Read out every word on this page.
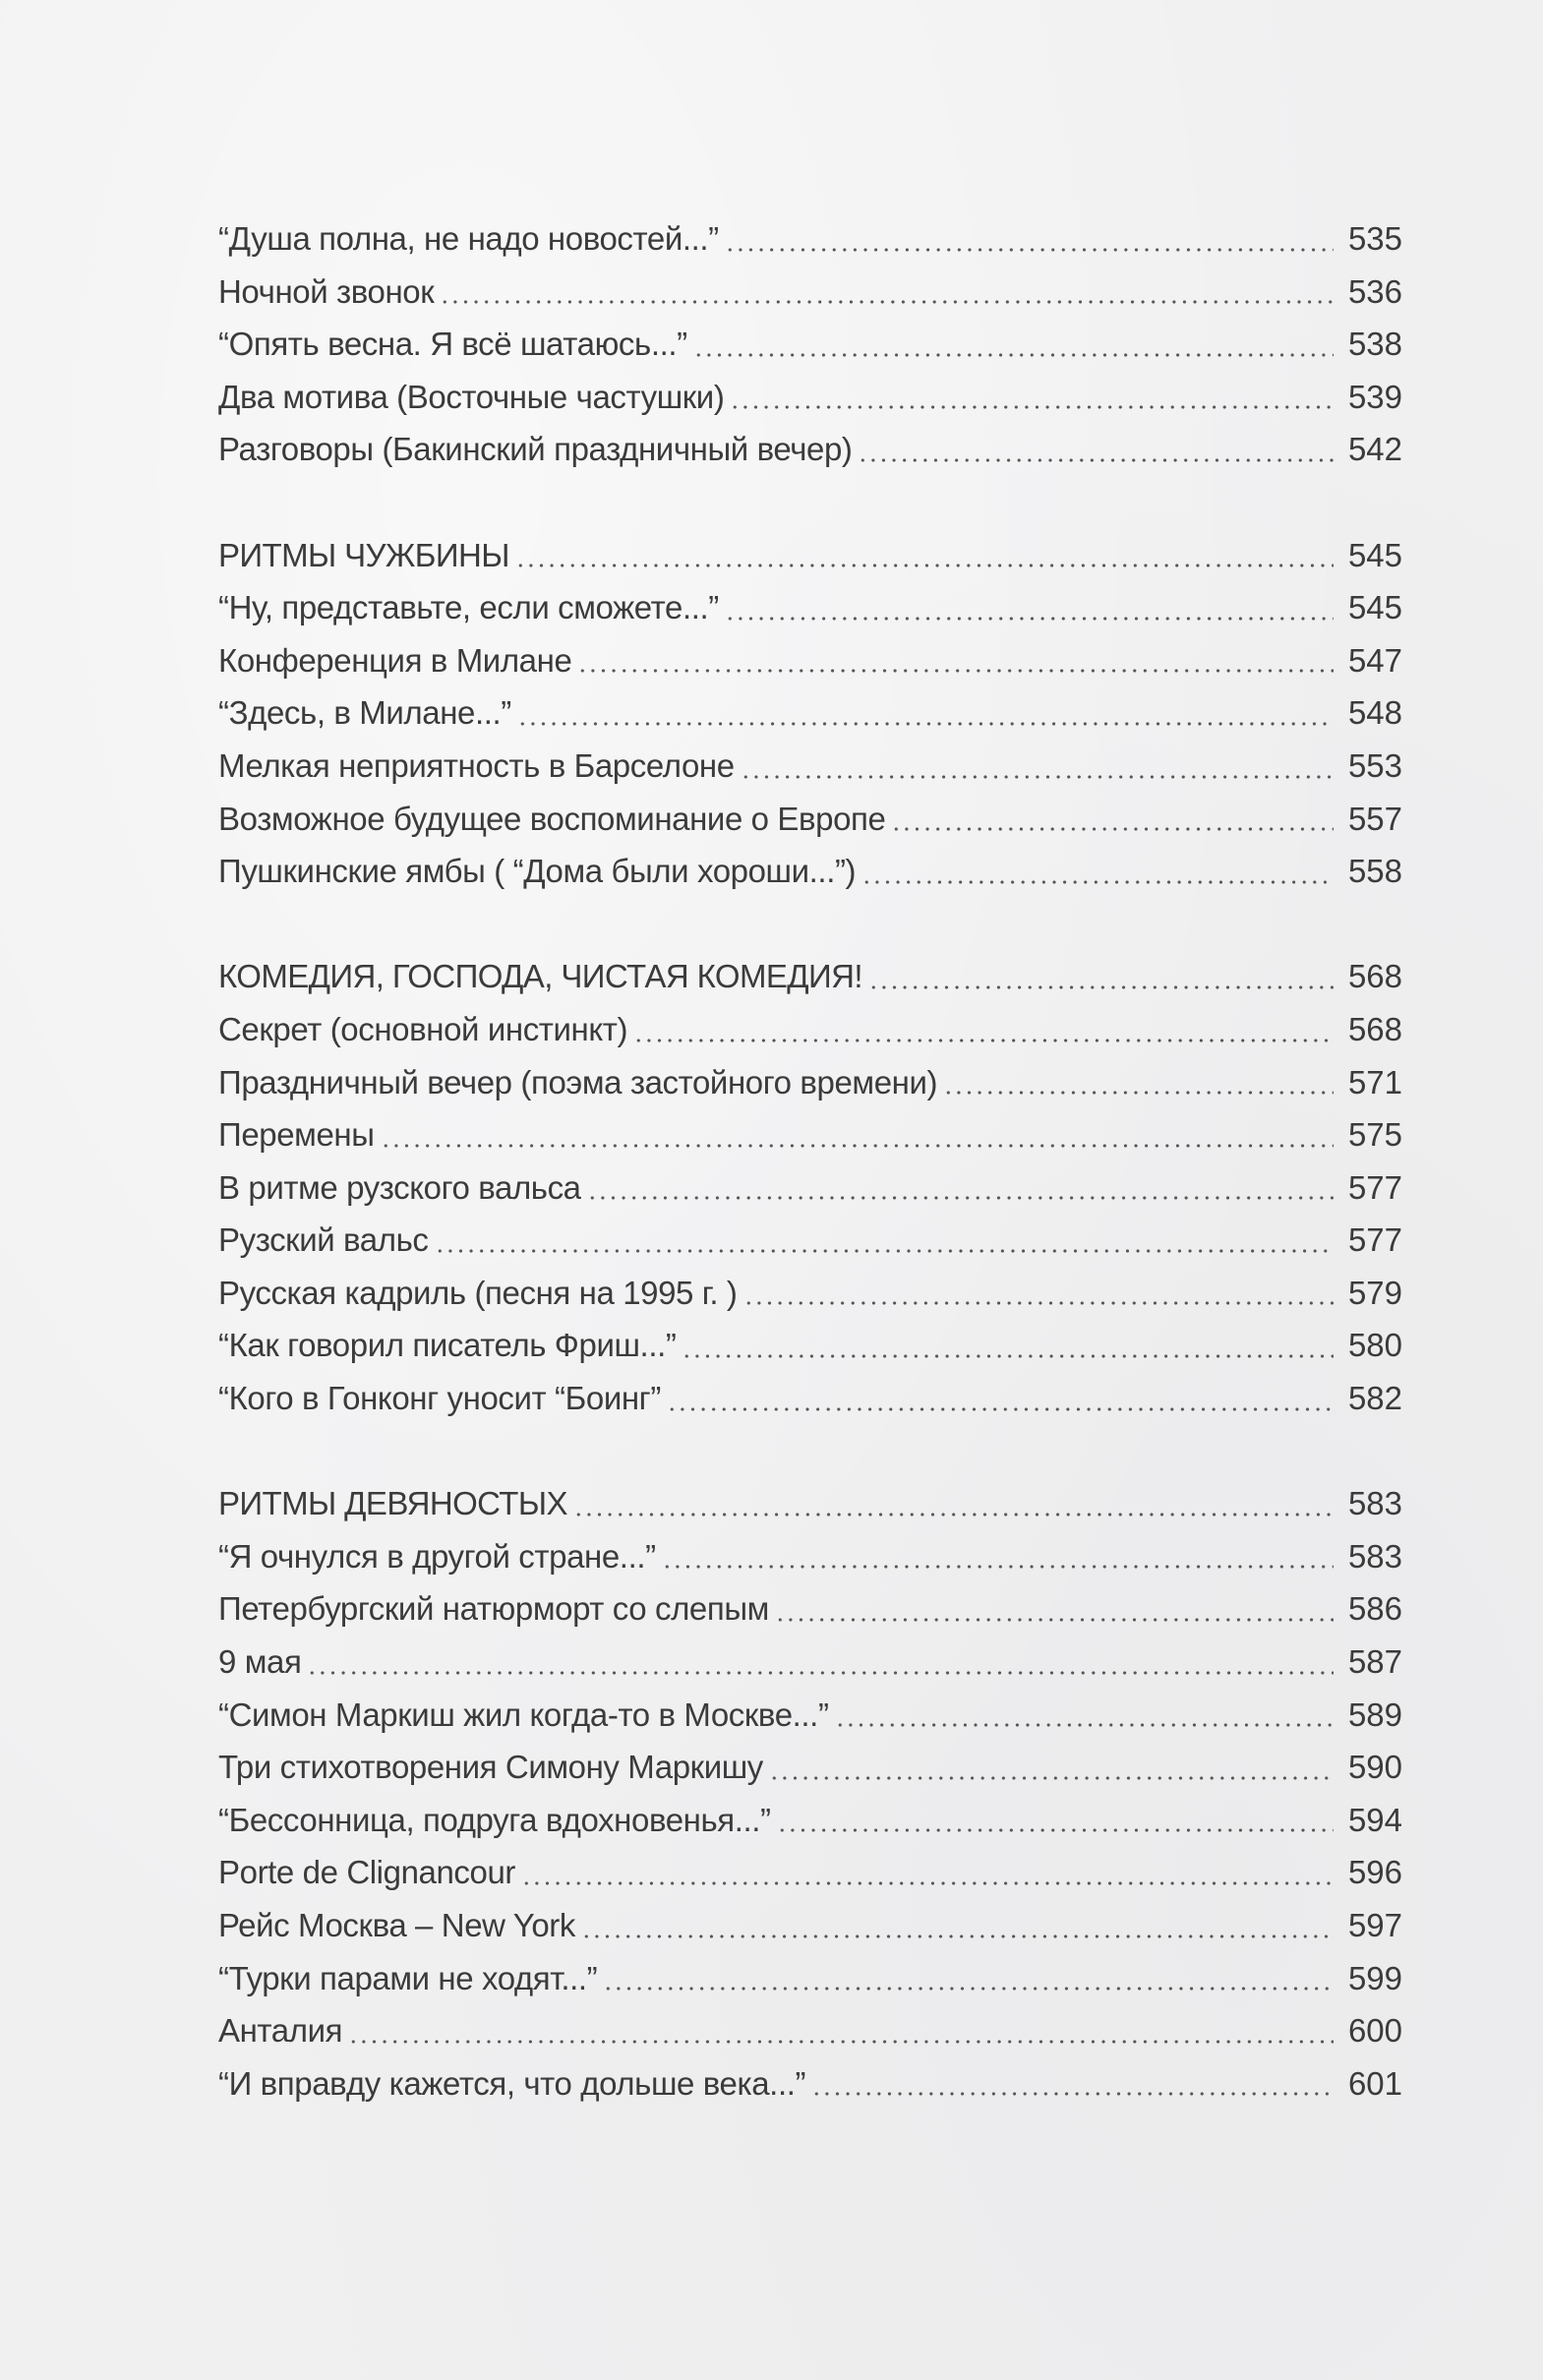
“Душа полна, не надо новостей...”	535
Ночной звонок	536
“Опять весна. Я всё шатаюсь...”	538
Два мотива (Восточные частушки)	539
Разговоры (Бакинский праздничный вечер)	542
РИТМЫ ЧУЖБИНЫ	545
“Ну, представьте, если сможете...”	545
Конференция в Милане	547
“Здесь, в Милане...”	548
Мелкая неприятность в Барселоне	553
Возможное будущее воспоминание о Европе	557
Пушкинские ямбы ( “Дома были хороши...”)	558
КОМЕДИЯ, ГОСПОДА, ЧИСТАЯ КОМЕДИЯ!	568
Секрет (основной инстинкт)	568
Праздничный вечер (поэма застойного времени)	571
Перемены	575
В ритме рузского вальса	577
Рузский вальс	577
Русская кадриль (песня на 1995 г. )	579
“Как говорил писатель Фриш...”	580
“Кого в Гонконг уносит “Боинг”	582
РИТМЫ ДЕВЯНОСТЫХ	583
“Я очнулся в другой стране...”	583
Петербургский натюрморт со слепым	586
9 мая	587
“Симон Маркиш жил когда-то в Москве...”	589
Три стихотворения Симону Маркишу	590
“Бессонница, подруга вдохновенья...”	594
Porte de Clignancour	596
Рейс Москва – New York	597
“Турки парами не ходят...”	599
Анталия	600
“И вправду кажется, что дольше века...”	601
